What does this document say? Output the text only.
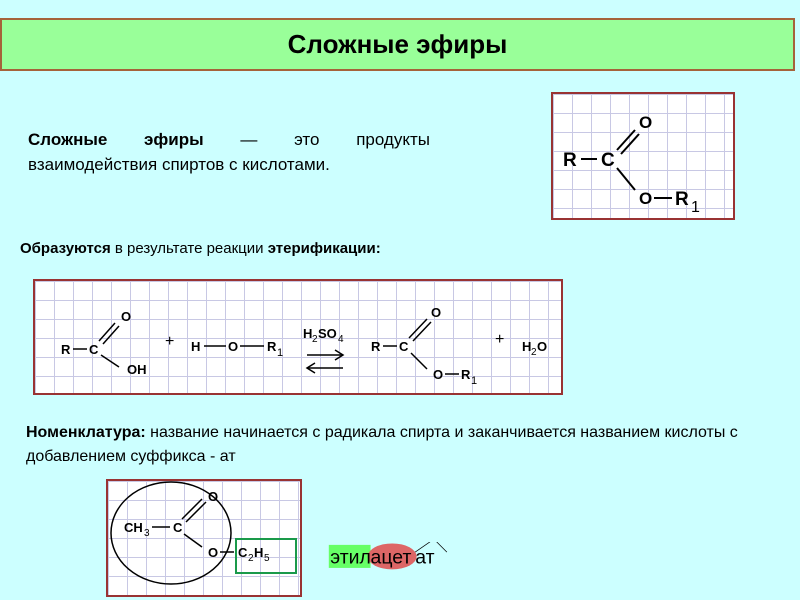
Сложные эфиры
Сложные эфиры — это продукты взаимодействия спиртов с кислотами.	R C
O
O R 1
Образуются в результате реакции этерификации:
R C
O
OH
+ H O R 1
H 2 SO 4 R C
O
O R 1
+ H 2 O
Номенклатура: название начинается с радикала спирта и заканчивается названием кислоты с добавлением суффикса - ат
CH 3 C
O
O C 2 H 5 этил ацет ат
